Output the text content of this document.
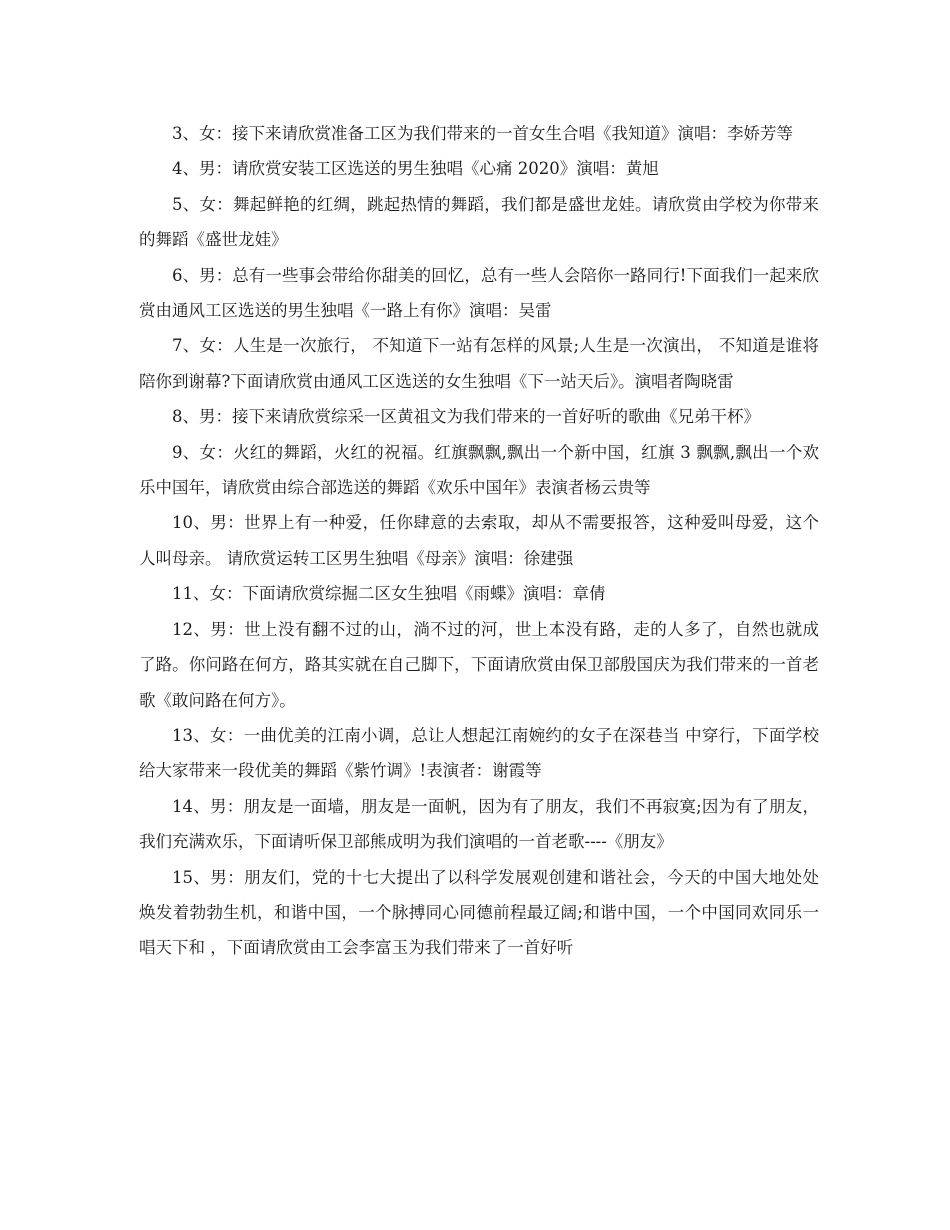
3、女：接下来请欣赏准备工区为我们带来的一首女生合唱《我知道》演唱：李娇芳等

4、男：请欣赏安装工区选送的男生独唱《心痛 2020》演唱：黄旭

5、女：舞起鲜艳的红绸，跳起热情的舞蹈，我们都是盛世龙娃。请欣赏由学校为你带来的舞蹈《盛世龙娃》

6、男：总有一些事会带给你甜美的回忆，总有一些人会陪你一路同行!下面我们一起来欣赏由通风工区选送的男生独唱《一路上有你》演唱：吴雷

7、女：人生是一次旅行， 不知道下一站有怎样的风景;人生是一次演出， 不知道是谁将陪你到谢幕?下面请欣赏由通风工区选送的女生独唱《下一站天后》。演唱者陶晓雷

8、男：接下来请欣赏综采一区黄祖文为我们带来的一首好听的歌曲《兄弟干杯》

9、女：火红的舞蹈，火红的祝福。红旗飘飘,飘出一个新中国，红旗 3 飘飘,飘出一个欢乐中国年，请欣赏由综合部选送的舞蹈《欢乐中国年》表演者杨云贵等

10、男：世界上有一种爱，任你肆意的去索取，却从不需要报答，这种爱叫母爱，这个人叫母亲。 请欣赏运转工区男生独唱《母亲》演唱：徐建强

11、女：下面请欣赏综掘二区女生独唱《雨蝶》演唱：章倩

12、男：世上没有翻不过的山，淌不过的河，世上本没有路，走的人多了，自然也就成了路。你问路在何方，路其实就在自己脚下，下面请欣赏由保卫部殷国庆为我们带来的一首老歌《敢问路在何方》。

13、女：一曲优美的江南小调，总让人想起江南婉约的女子在深巷当 中穿行，下面学校给大家带来一段优美的舞蹈《紫竹调》!表演者：谢霞等

14、男：朋友是一面墙，朋友是一面帆，因为有了朋友，我们不再寂寞;因为有了朋友，我们充满欢乐，下面请听保卫部熊成明为我们演唱的一首老歌----《朋友》

15、男：朋友们，党的十七大提出了以科学发展观创建和谐社会，今天的中国大地处处焕发着勃勃生机，和谐中国，一个脉搏同心同德前程最辽阔;和谐中国，一个中国同欢同乐一唱天下和 ，下面请欣赏由工会李富玉为我们带来了一首好听
